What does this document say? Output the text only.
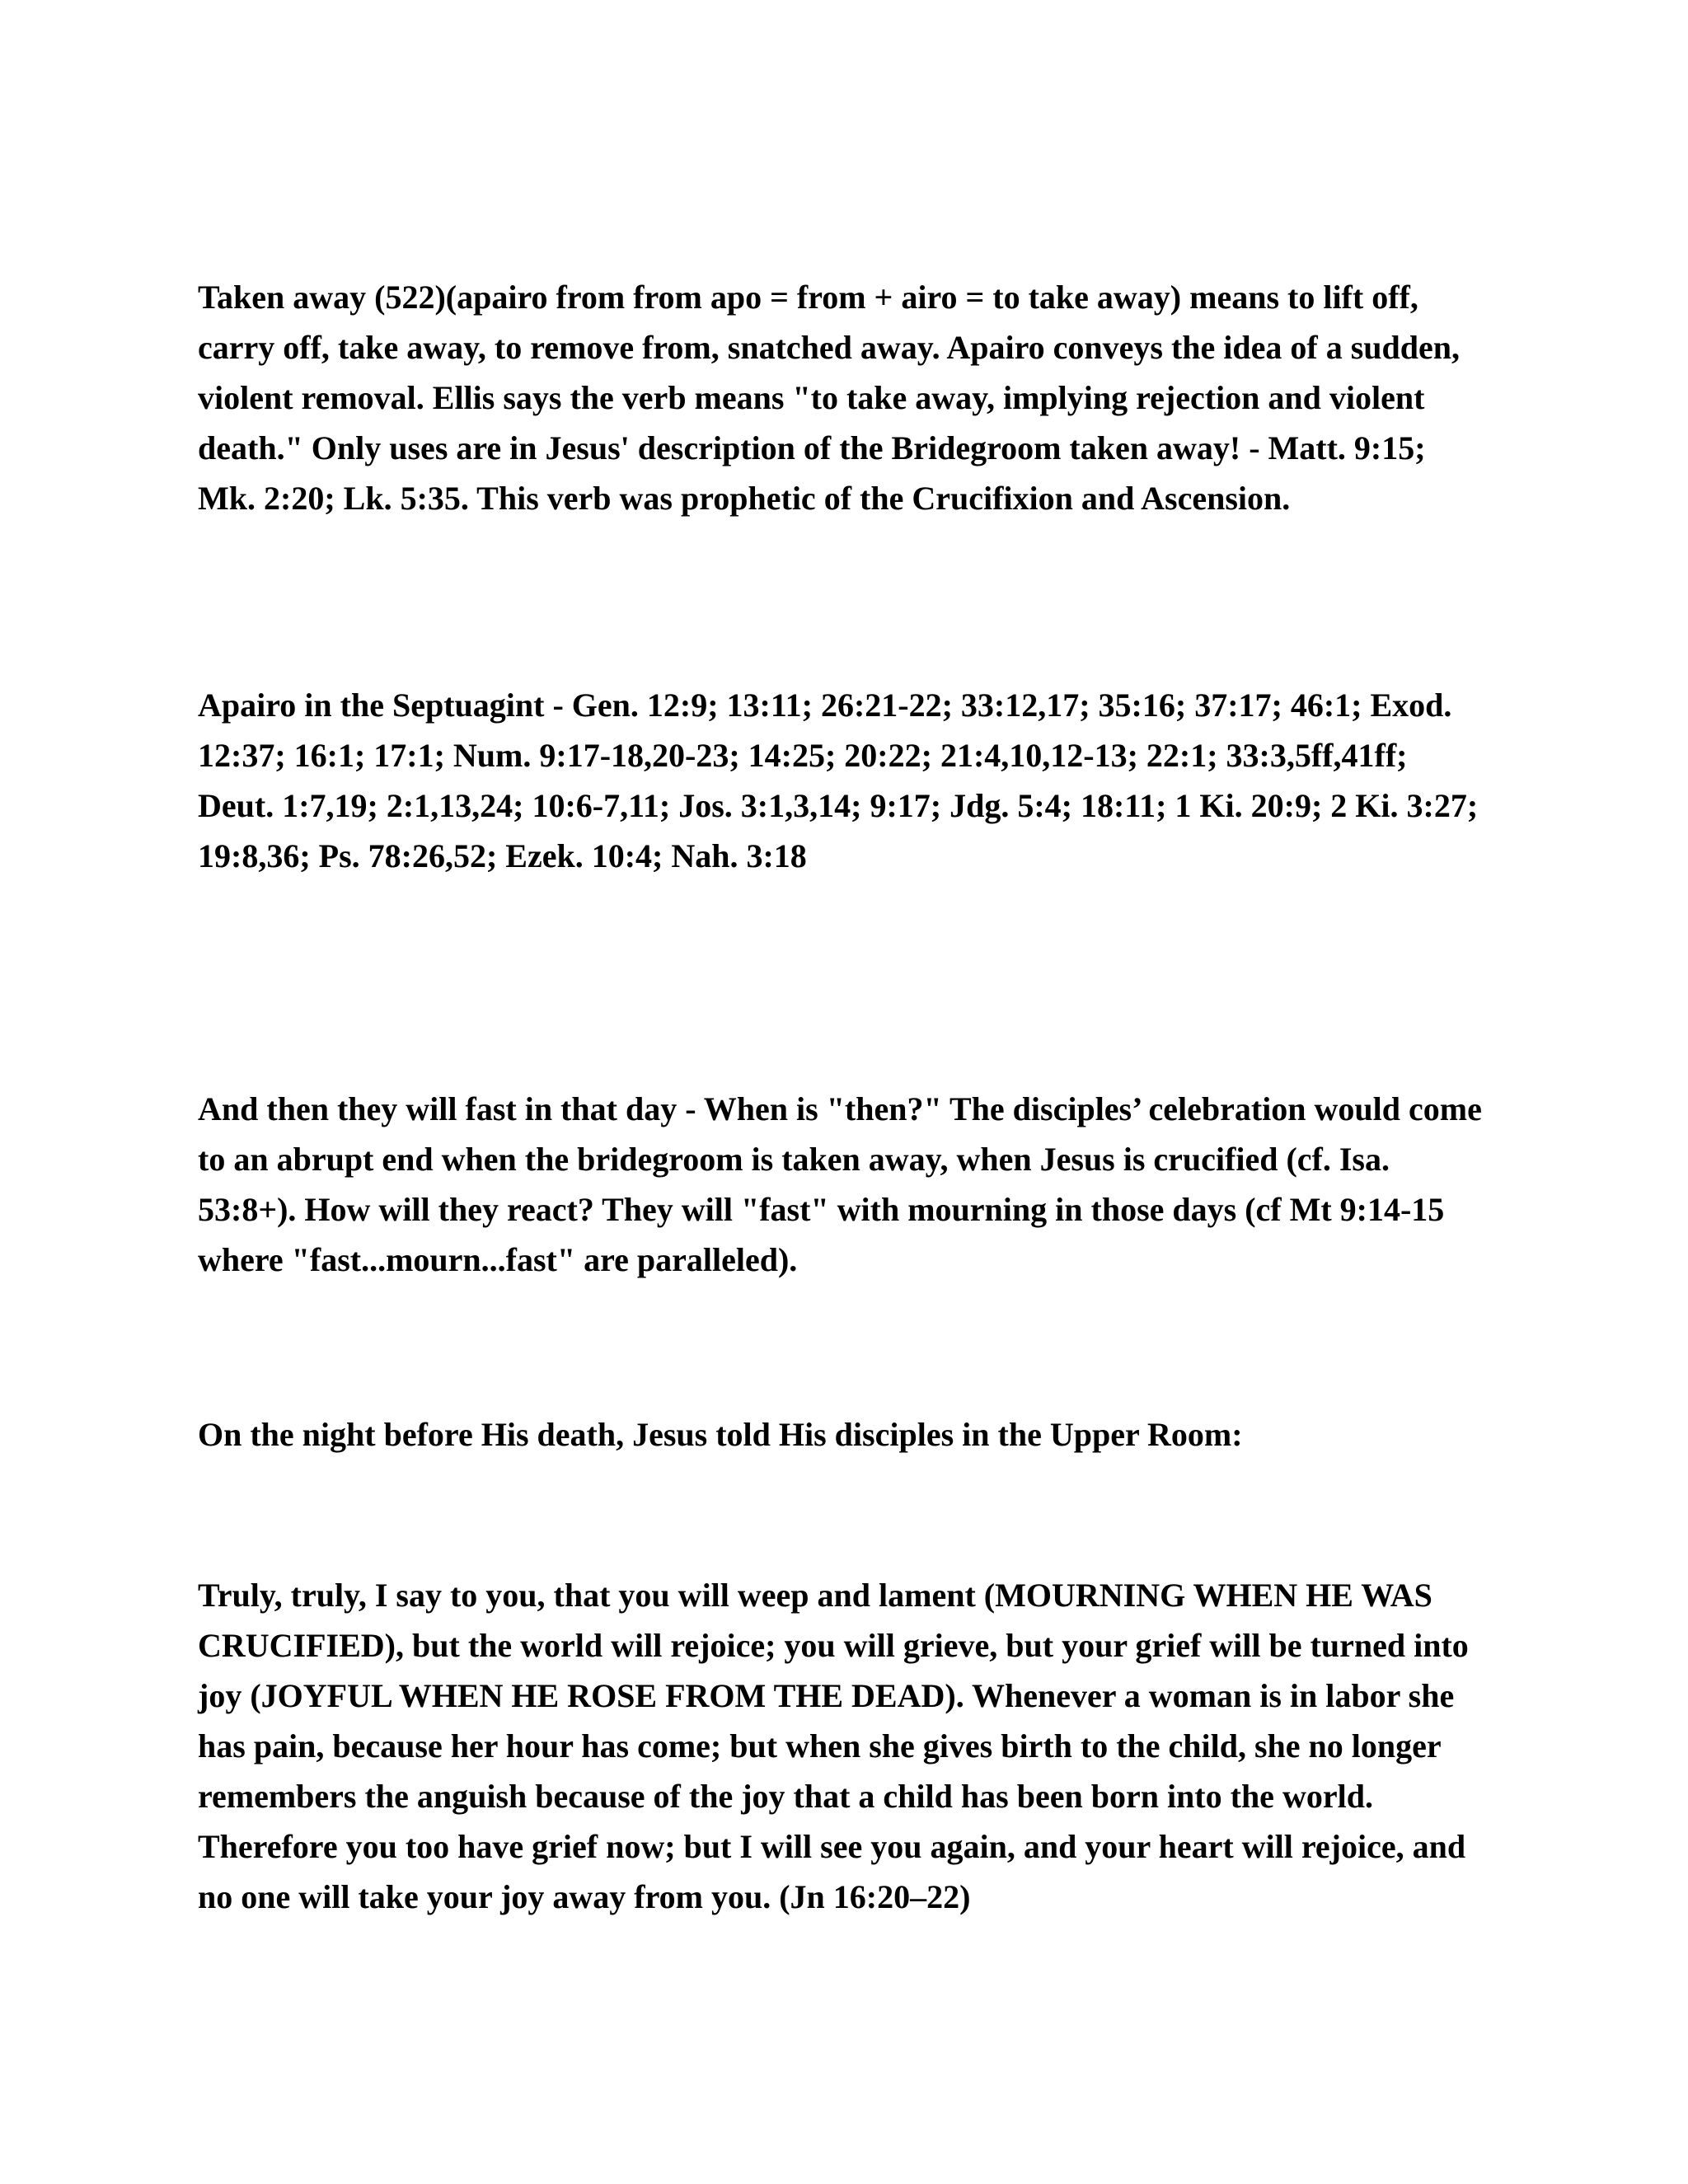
Taken away (522)(apairo from from apo = from + airo = to take away) means to lift off, carry off, take away, to remove from, snatched away. Apairo conveys the idea of a sudden, violent removal. Ellis says the verb means "to take away, implying rejection and violent death." Only uses are in Jesus' description of the Bridegroom taken away! - Matt. 9:15; Mk. 2:20; Lk. 5:35. This verb was prophetic of the Crucifixion and Ascension.

Apairo in the Septuagint - Gen. 12:9; 13:11; 26:21-22; 33:12,17; 35:16; 37:17; 46:1; Exod. 12:37; 16:1; 17:1; Num. 9:17-18,20-23; 14:25; 20:22; 21:4,10,12-13; 22:1; 33:3,5ff,41ff; Deut. 1:7,19; 2:1,13,24; 10:6-7,11; Jos. 3:1,3,14; 9:17; Jdg. 5:4; 18:11; 1 Ki. 20:9; 2 Ki. 3:27; 19:8,36; Ps. 78:26,52; Ezek. 10:4; Nah. 3:18

And then they will fast in that day - When is "then?" The disciples’ celebration would come to an abrupt end when the bridegroom is taken away, when Jesus is crucified (cf. Isa. 53:8+). How will they react? They will "fast" with mourning in those days (cf Mt 9:14-15 where "fast...mourn...fast" are paralleled).

On the night before His death, Jesus told His disciples in the Upper Room:

Truly, truly, I say to you, that you will weep and lament (MOURNING WHEN HE WAS CRUCIFIED), but the world will rejoice; you will grieve, but your grief will be turned into joy (JOYFUL WHEN HE ROSE FROM THE DEAD). Whenever a woman is in labor she has pain, because her hour has come; but when she gives birth to the child, she no longer remembers the anguish because of the joy that a child has been born into the world. Therefore you too have grief now; but I will see you again, and your heart will rejoice, and no one will take your joy away from you. (Jn 16:20–22)
